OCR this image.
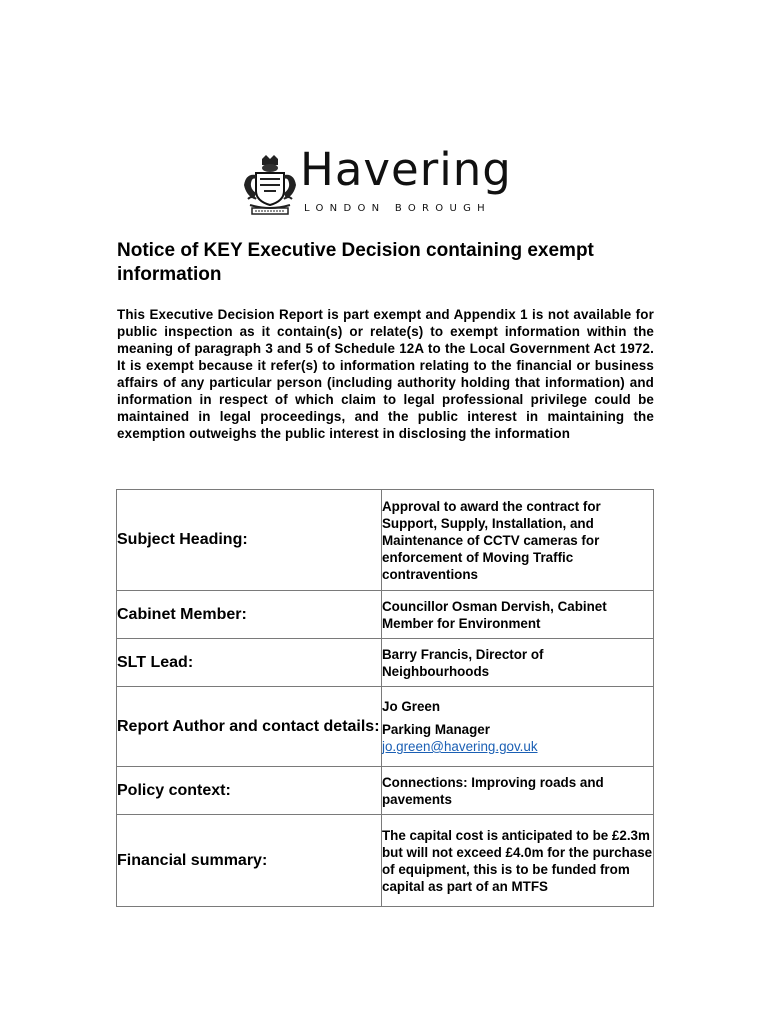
Havering
LONDON BOROUGH
Notice of KEY Executive Decision containing exempt information

This Executive Decision Report is part exempt and Appendix 1 is not available for public inspection as it contain(s) or relate(s) to exempt information within the meaning of paragraph 3 and 5 of Schedule 12A to the Local Government Act 1972. It is exempt because it refer(s) to information relating to the financial or business affairs of any particular person (including authority holding that information) and information in respect of which claim to legal professional privilege could be maintained in legal proceedings, and the public interest in maintaining the exemption outweighs the public interest in disclosing the information

Subject Heading:	Approval to award the contract for Support, Supply, Installation, and Maintenance of CCTV cameras for enforcement of Moving Traffic contraventions
Cabinet Member:	Councillor Osman Dervish, Cabinet Member for Environment
SLT Lead:	Barry Francis, Director of Neighbourhoods
Report Author and contact details:	Jo Green
Parking Manager
jo.green@havering.gov.uk
Policy context:	Connections: Improving roads and pavements
Financial summary:	The capital cost is anticipated to be £2.3m but will not exceed £4.0m for the purchase of equipment, this is to be funded from capital as part of an MTFS
